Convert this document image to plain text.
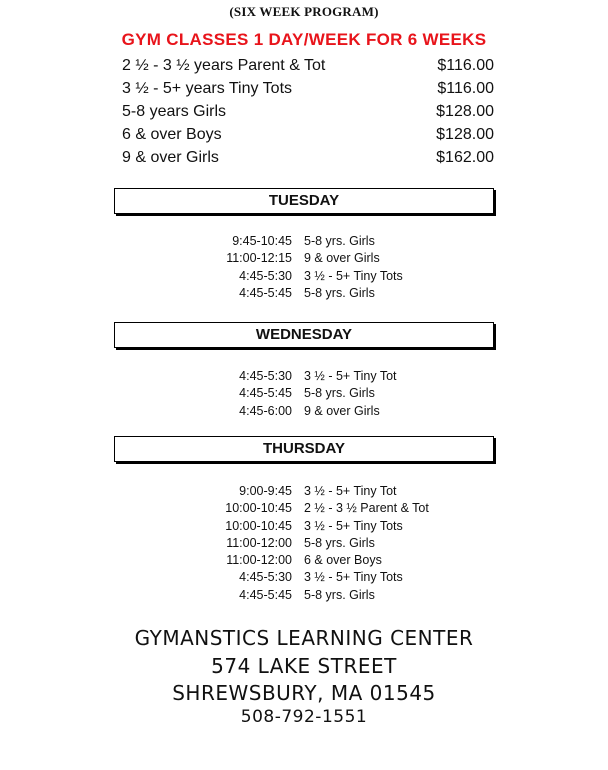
(SIX WEEK PROGRAM)
GYM CLASSES 1 DAY/WEEK FOR 6 WEEKS
2 ½ - 3 ½ years Parent & Tot	$116.00
3 ½ - 5+ years Tiny Tots	$116.00
5-8 years Girls	$128.00
6 & over Boys	$128.00
9 & over Girls	$162.00
TUESDAY
9:45-10:45 5-8 yrs. Girls
11:00-12:15 9 & over Girls
4:45-5:30 3 ½ - 5+ Tiny Tots
4:45-5:45 5-8 yrs. Girls
WEDNESDAY
4:45-5:30 3 ½ - 5+ Tiny Tot
4:45-5:45 5-8 yrs. Girls
4:45-6:00 9 & over Girls
THURSDAY
9:00-9:45 3 ½ - 5+ Tiny Tot
10:00-10:45 2 ½ - 3 ½ Parent & Tot
10:00-10:45 3 ½ - 5+ Tiny Tots
11:00-12:00 5-8 yrs. Girls
11:00-12:00 6 & over Boys
4:45-5:30 3 ½ - 5+ Tiny Tots
4:45-5:45 5-8 yrs. Girls
GYMANSTICS LEARNING CENTER
574 LAKE STREET
SHREWSBURY, MA 01545
508-792-1551
